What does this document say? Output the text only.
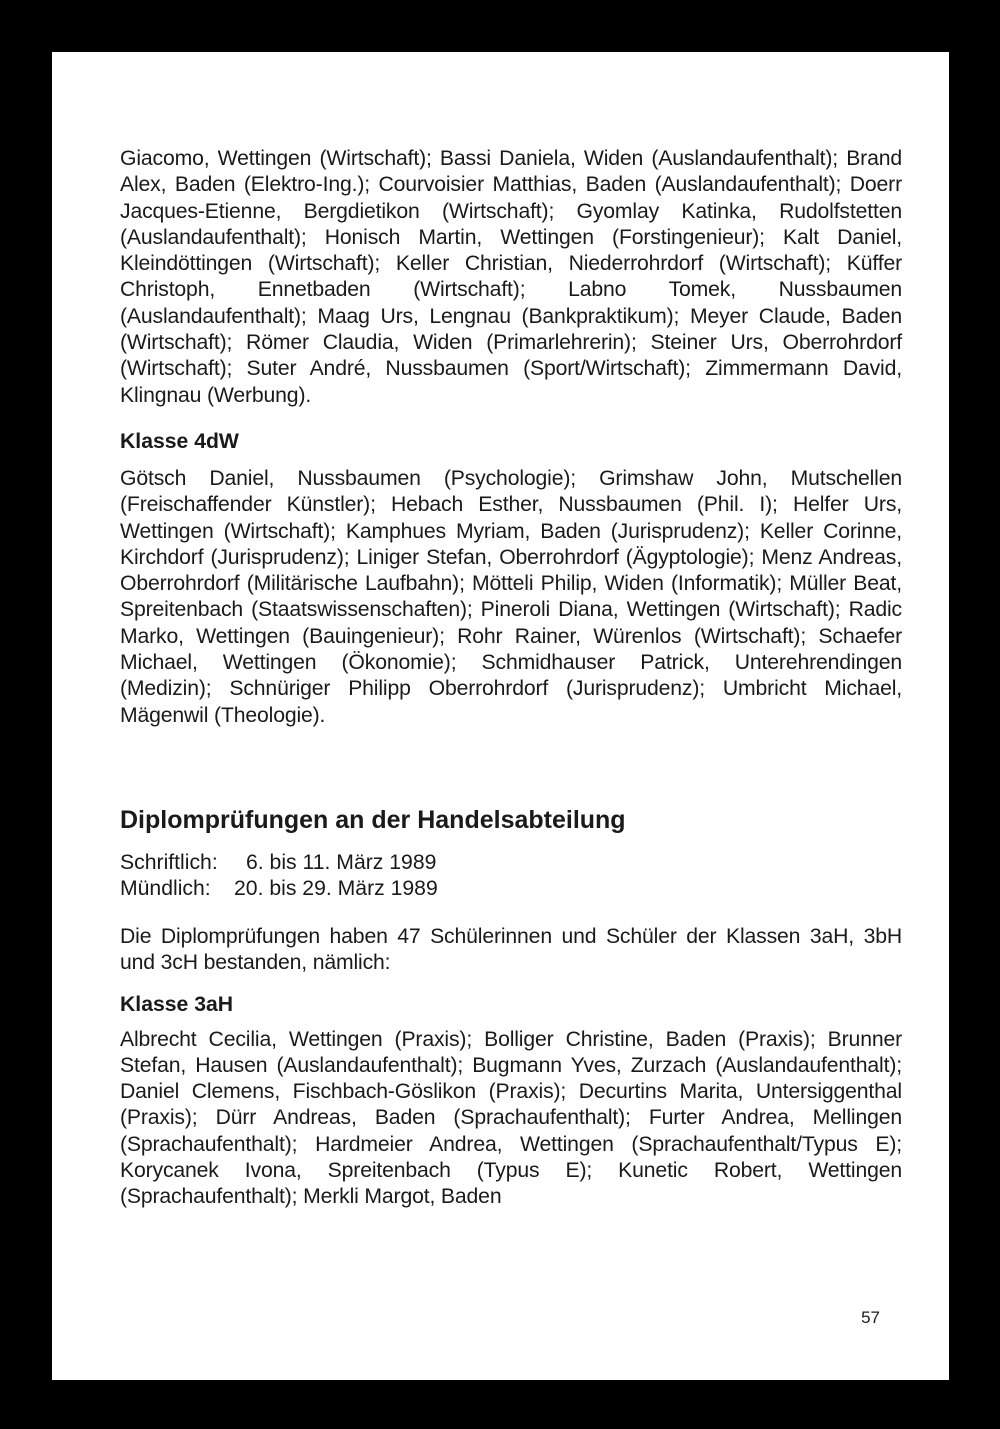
Giacomo, Wettingen (Wirtschaft); Bassi Daniela, Widen (Auslandaufenthalt); Brand Alex, Baden (Elektro-Ing.); Courvoisier Matthias, Baden (Auslandaufenthalt); Doerr Jacques-Etienne, Bergdietikon (Wirtschaft); Gyomlay Katinka, Rudolfstetten (Auslandaufenthalt); Honisch Martin, Wettingen (Forstingenieur); Kalt Daniel, Kleindöttingen (Wirtschaft); Keller Christian, Niederrohrdorf (Wirtschaft); Küffer Christoph, Ennetbaden (Wirtschaft); Labno Tomek, Nussbaumen (Auslandaufenthalt); Maag Urs, Lengnau (Bankpraktikum); Meyer Claude, Baden (Wirtschaft); Römer Claudia, Widen (Primarlehrerin); Steiner Urs, Oberrohrdorf (Wirtschaft); Suter André, Nussbaumen (Sport/Wirtschaft); Zimmermann David, Klingnau (Werbung).

Klasse 4dW

Götsch Daniel, Nussbaumen (Psychologie); Grimshaw John, Mutschellen (Freischaffender Künstler); Hebach Esther, Nussbaumen (Phil. I); Helfer Urs, Wettingen (Wirtschaft); Kamphues Myriam, Baden (Jurisprudenz); Keller Corinne, Kirchdorf (Jurisprudenz); Liniger Stefan, Oberrohrdorf (Ägyptologie); Menz Andreas, Oberrohrdorf (Militärische Laufbahn); Mötteli Philip, Widen (Informatik); Müller Beat, Spreitenbach (Staatswissenschaften); Pineroli Diana, Wettingen (Wirtschaft); Radic Marko, Wettingen (Bauingenieur); Rohr Rainer, Würenlos (Wirtschaft); Schaefer Michael, Wettingen (Ökonomie); Schmidhauser Patrick, Unterehrendingen (Medizin); Schnüriger Philipp Oberrohrdorf (Jurisprudenz); Umbricht Michael, Mägenwil (Theologie).

Diplomprüfungen an der Handelsabteilung
Schriftlich:	6. bis 11. März 1989
Mündlich:	20. bis 29. März 1989

Die Diplomprüfungen haben 47 Schülerinnen und Schüler der Klassen 3aH, 3bH und 3cH bestanden, nämlich:

Klasse 3aH

Albrecht Cecilia, Wettingen (Praxis); Bolliger Christine, Baden (Praxis); Brunner Stefan, Hausen (Auslandaufenthalt); Bugmann Yves, Zurzach (Auslandaufenthalt); Daniel Clemens, Fischbach-Göslikon (Praxis); Decurtins Marita, Untersiggenthal (Praxis); Dürr Andreas, Baden (Sprachaufenthalt); Furter Andrea, Mellingen (Sprachaufenthalt); Hardmeier Andrea, Wettingen (Sprachaufenthalt/Typus E); Korycanek Ivona, Spreitenbach (Typus E); Kunetic Robert, Wettingen (Sprachaufenthalt); Merkli Margot, Baden

57
